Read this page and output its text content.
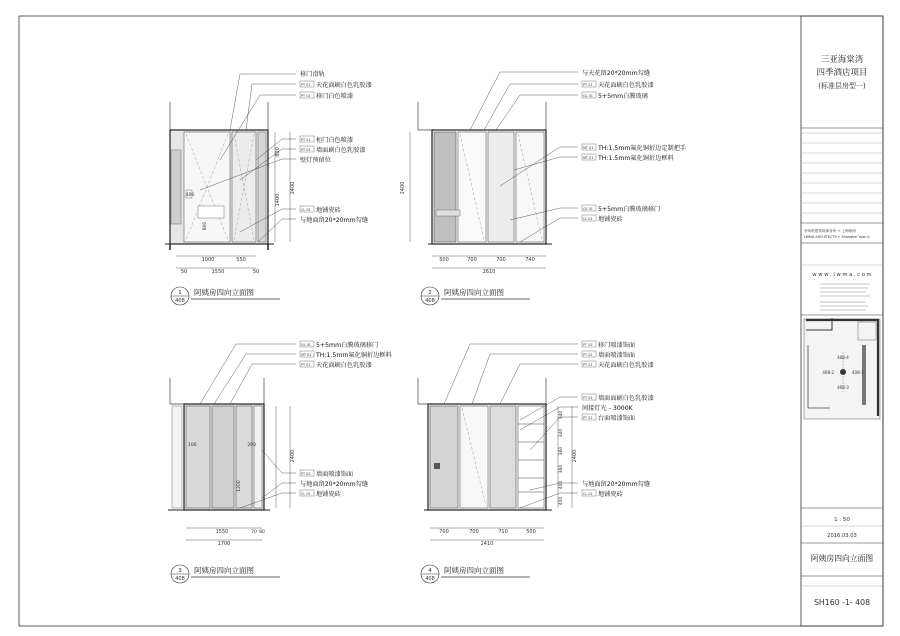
三亚海棠湾
四季酒店项目
(标准层房型一)
李玮珉建筑师事务所 + 上海联尚
LWMA ARCHITECTS + Shanghai Yuan Ji
w w w . l w m a . c o m
408-4
408-2	408-1
408-3
1 : 50
2016.03.03
阿姨房四向立面图
SH160 -1- 408
1000	550
1550
50	50
800
2400
1400
400
800
移门滑轨
PT 01 天花面刷白色乳胶漆
PT 01 移门白色喷漆
PT 01 柜门白色喷漆
PT 01 墙面刷白色乳胶漆
壁灯预留位
CL 01 地铺瓷砖
与地面留20*20mm勾缝
1
408
阿姨房四向立面图
500	700	700	740
2610
2400
与天花留20*20mm勾缝
PT 01 天花面刷白色乳胶漆
GL 01 5+5mm白膜玻璃
MT 01 TH:1.5mm氟化铜折边定制把手
MT 01 TH:1.5mm氟化铜折边框料
GL 01 5+5mm白膜玻璃移门
CL 01 地铺瓷砖
2
408
阿姨房四向立面图
1550	70 80
1700
100	200
1200
2400
GL 01 5+5mm白膜玻璃移门
MT 01 TH:1.5mm氟化铜折边框料
PT 01 天花面刷白色乳胶漆
PT 02 墙面喷漆饰面
与地面留20*20mm勾缝
CL 01 地铺瓷砖
3
408
阿姨房四向立面图
700	700	710	500
2410
340
340
360
360
400
400
2400
PT 02 移门喷漆饰面
PT 02 墙面喷漆饰面
PT 01 天花面刷白色乳胶漆
PT 01 墙面面刷白色乳胶漆
间接灯光 - 3000K
PT 02 台面喷漆饰面
与地面留20*20mm勾缝
CL 01 地铺瓷砖
4
408
阿姨房四向立面图
